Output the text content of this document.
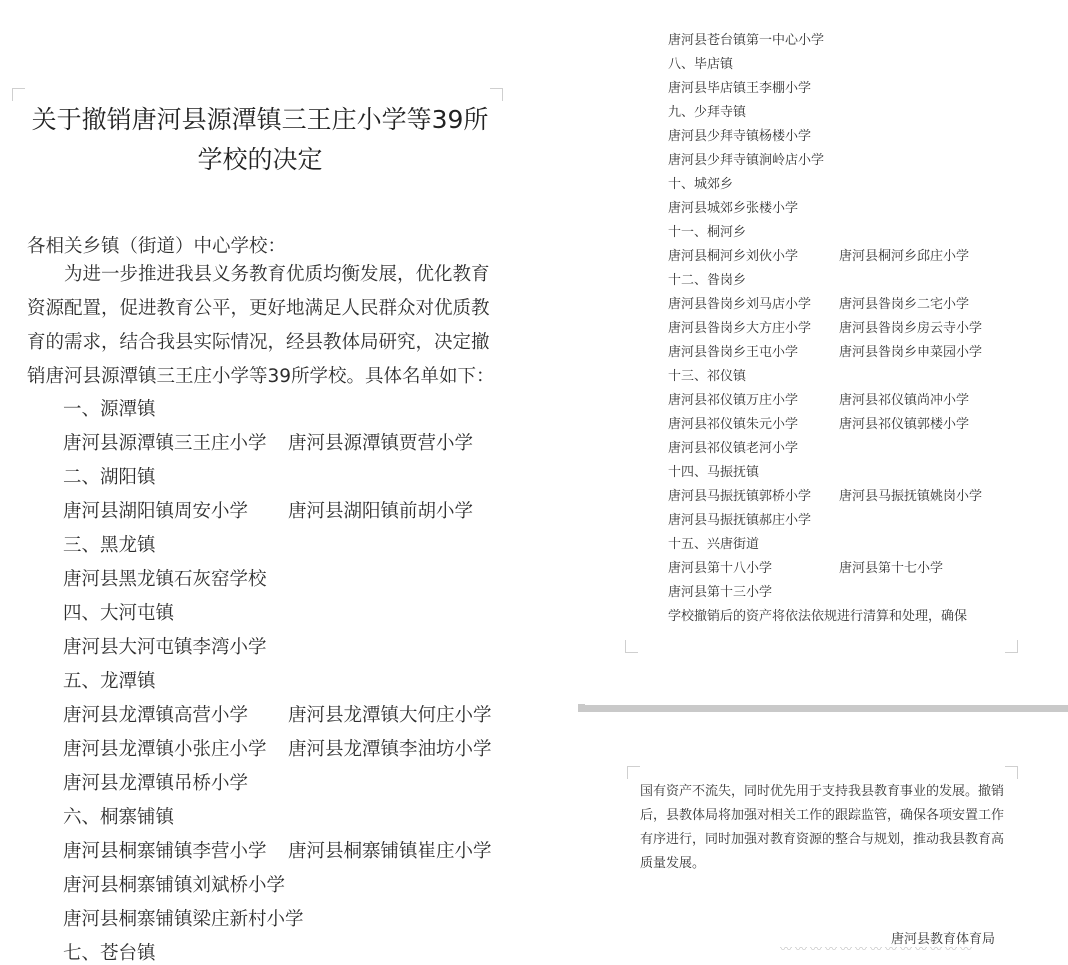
关于撤销唐河县源潭镇三王庄小学等39所
学校的决定
各相关乡镇（街道）中心学校：
为进一步推进我县义务教育优质均衡发展，优化教育资源配置，促进教育公平，更好地满足人民群众对优质教育的需求，结合我县实际情况，经县教体局研究，决定撤销唐河县源潭镇三王庄小学等39所学校。具体名单如下：
一、源潭镇
唐河县源潭镇三王庄小学 唐河县源潭镇贾营小学
二、湖阳镇
唐河县湖阳镇周安小学 唐河县湖阳镇前胡小学
三、黑龙镇
唐河县黑龙镇石灰窑学校
四、大河屯镇
唐河县大河屯镇李湾小学
五、龙潭镇
唐河县龙潭镇高营小学 唐河县龙潭镇大何庄小学
唐河县龙潭镇小张庄小学 唐河县龙潭镇李油坊小学
唐河县龙潭镇吊桥小学
六、桐寨铺镇
唐河县桐寨铺镇李营小学 唐河县桐寨铺镇崔庄小学
唐河县桐寨铺镇刘斌桥小学
唐河县桐寨铺镇梁庄新村小学
七、苍台镇
唐河县苍台镇第一中心小学
八、毕店镇
唐河县毕店镇王李棚小学
九、少拜寺镇
唐河县少拜寺镇杨楼小学
唐河县少拜寺镇涧岭店小学
十、城郊乡
唐河县城郊乡张楼小学
十一、桐河乡
唐河县桐河乡刘伙小学	唐河县桐河乡邱庄小学
十二、昝岗乡
唐河县昝岗乡刘马店小学 唐河县昝岗乡二宅小学
唐河县昝岗乡大方庄小学 唐河县昝岗乡房云寺小学
唐河县昝岗乡王屯小学	唐河县昝岗乡申菜园小学
十三、祁仪镇
唐河县祁仪镇万庄小学	唐河县祁仪镇尚冲小学
唐河县祁仪镇朱元小学	唐河县祁仪镇郭楼小学
唐河县祁仪镇老河小学
十四、马振抚镇
唐河县马振抚镇郭桥小学 唐河县马振抚镇姚岗小学
唐河县马振抚镇郝庄小学
十五、兴唐街道
唐河县第十八小学	唐河县第十七小学
唐河县第十三小学
学校撤销后的资产将依法依规进行清算和处理，确保
国有资产不流失，同时优先用于支持我县教育事业的发展。撤销后，县教体局将加强对相关工作的跟踪监管，确保各项安置工作有序进行，同时加强对教育资源的整合与规划，推动我县教育高质量发展。
唐河县教育体育局
〰〰〰〰〰〰〰〰〰〰〰〰〰
